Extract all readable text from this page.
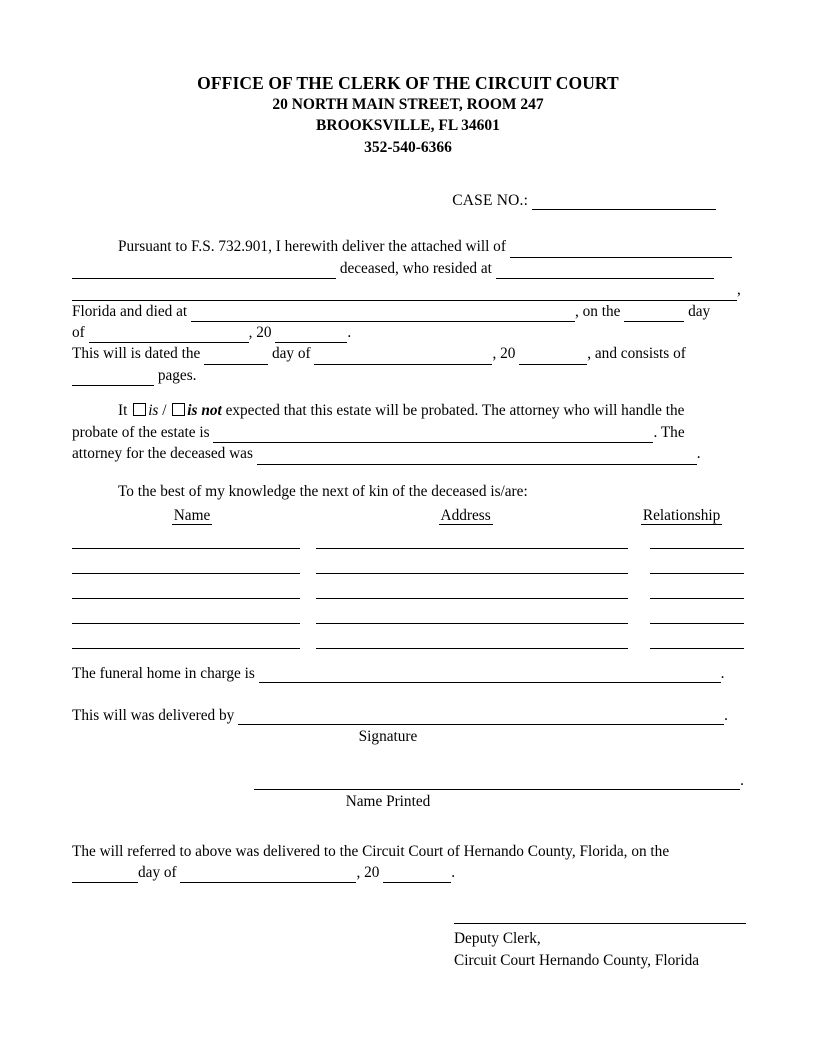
OFFICE OF THE CLERK OF THE CIRCUIT COURT
20 NORTH MAIN STREET, ROOM 247
BROOKSVILLE, FL 34601
352-540-6366
CASE NO.:

Pursuant to F.S. 732.901, I herewith deliver the attached will of

deceased, who resided at

,

Florida and died at	, on the	day

of	, 20	.

This will is dated the	day of	, 20	, and consists of

pages.

It is / is not expected that this estate will be probated. The attorney who will handle the

probate of the estate is	. The

attorney for the deceased was	.

To the best of my knowledge the next of kin of the deceased is/are:
Name	Address	Relationship
The funeral home in charge is	.
This will was delivered by	.
Signature
.
Name Printed

The will referred to above was delivered to the Circuit Court of Hernando County, Florida, on the

day of	, 20	.

Deputy Clerk,
Circuit Court Hernando County, Florida
